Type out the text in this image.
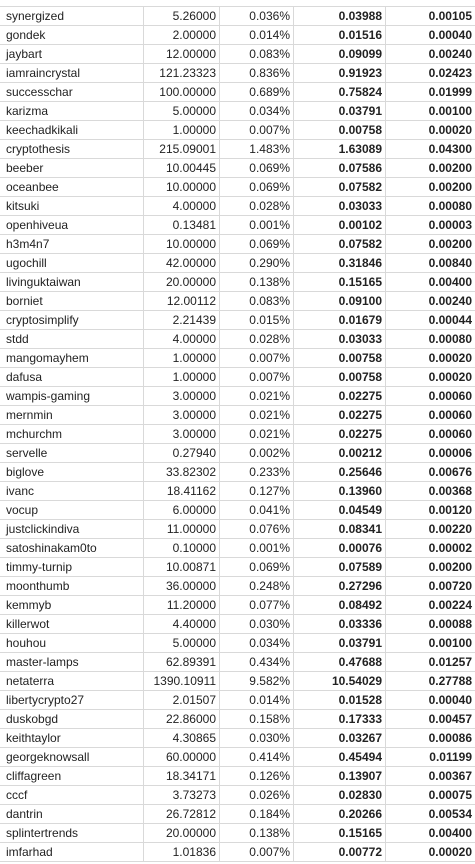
synergized	5.26000	0.036%	0.03988	0.00105
gondek	2.00000	0.014%	0.01516	0.00040
jaybart	12.00000	0.083%	0.09099	0.00240
iamraincrystal	121.23323	0.836%	0.91923	0.02423
successchar	100.00000	0.689%	0.75824	0.01999
karizma	5.00000	0.034%	0.03791	0.00100
keechadkikali	1.00000	0.007%	0.00758	0.00020
cryptothesis	215.09001	1.483%	1.63089	0.04300
beeber	10.00445	0.069%	0.07586	0.00200
oceanbee	10.00000	0.069%	0.07582	0.00200
kitsuki	4.00000	0.028%	0.03033	0.00080
openhiveua	0.13481	0.001%	0.00102	0.00003
h3m4n7	10.00000	0.069%	0.07582	0.00200
ugochill	42.00000	0.290%	0.31846	0.00840
livinguktaiwan	20.00000	0.138%	0.15165	0.00400
borniet	12.00112	0.083%	0.09100	0.00240
cryptosimplify	2.21439	0.015%	0.01679	0.00044
stdd	4.00000	0.028%	0.03033	0.00080
mangomayhem	1.00000	0.007%	0.00758	0.00020
dafusa	1.00000	0.007%	0.00758	0.00020
wampis-gaming	3.00000	0.021%	0.02275	0.00060
mernmin	3.00000	0.021%	0.02275	0.00060
mchurchm	3.00000	0.021%	0.02275	0.00060
servelle	0.27940	0.002%	0.00212	0.00006
biglove	33.82302	0.233%	0.25646	0.00676
ivanc	18.41162	0.127%	0.13960	0.00368
vocup	6.00000	0.041%	0.04549	0.00120
justclickindiva	11.00000	0.076%	0.08341	0.00220
satoshinakam0to	0.10000	0.001%	0.00076	0.00002
timmy-turnip	10.00871	0.069%	0.07589	0.00200
moonthumb	36.00000	0.248%	0.27296	0.00720
kemmyb	11.20000	0.077%	0.08492	0.00224
killerwot	4.40000	0.030%	0.03336	0.00088
houhou	5.00000	0.034%	0.03791	0.00100
master-lamps	62.89391	0.434%	0.47688	0.01257
netaterra	1390.10911	9.582%	10.54029	0.27788
libertycrypto27	2.01507	0.014%	0.01528	0.00040
duskobgd	22.86000	0.158%	0.17333	0.00457
keithtaylor	4.30865	0.030%	0.03267	0.00086
georgeknowsall	60.00000	0.414%	0.45494	0.01199
cliffagreen	18.34171	0.126%	0.13907	0.00367
cccf	3.73273	0.026%	0.02830	0.00075
dantrin	26.72812	0.184%	0.20266	0.00534
splintertrends	20.00000	0.138%	0.15165	0.00400
imfarhad	1.01836	0.007%	0.00772	0.00020
